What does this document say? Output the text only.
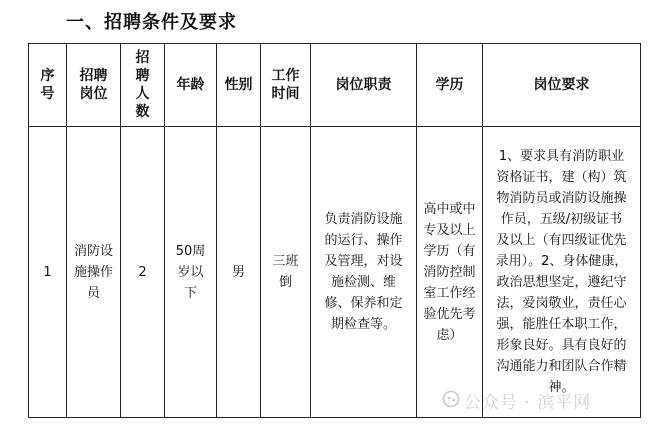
一、招聘条件及要求
序号	招聘岗位	招聘人数	年龄	性别	工作时间	岗位职责	学历	岗位要求

1	消防设施操作员	2	50周岁以下	男	三班倒	负责消防设施的运行、操作及管理，对设施检测、维修、保养和定期检查等。	高中或中专及以上学历（有消防控制室工作经验优先考虑）	1、要求具有消防职业资格证书，建（构）筑物消防员或消防设施操作员，五级/初级证书及以上（有四级证优先录用）。2、身体健康，政治思想坚定，遵纪守法，爱岗敬业，责任心强，能胜任本职工作，形象良好。具有良好的沟通能力和团队合作精神。
公众号 · 滨平网
